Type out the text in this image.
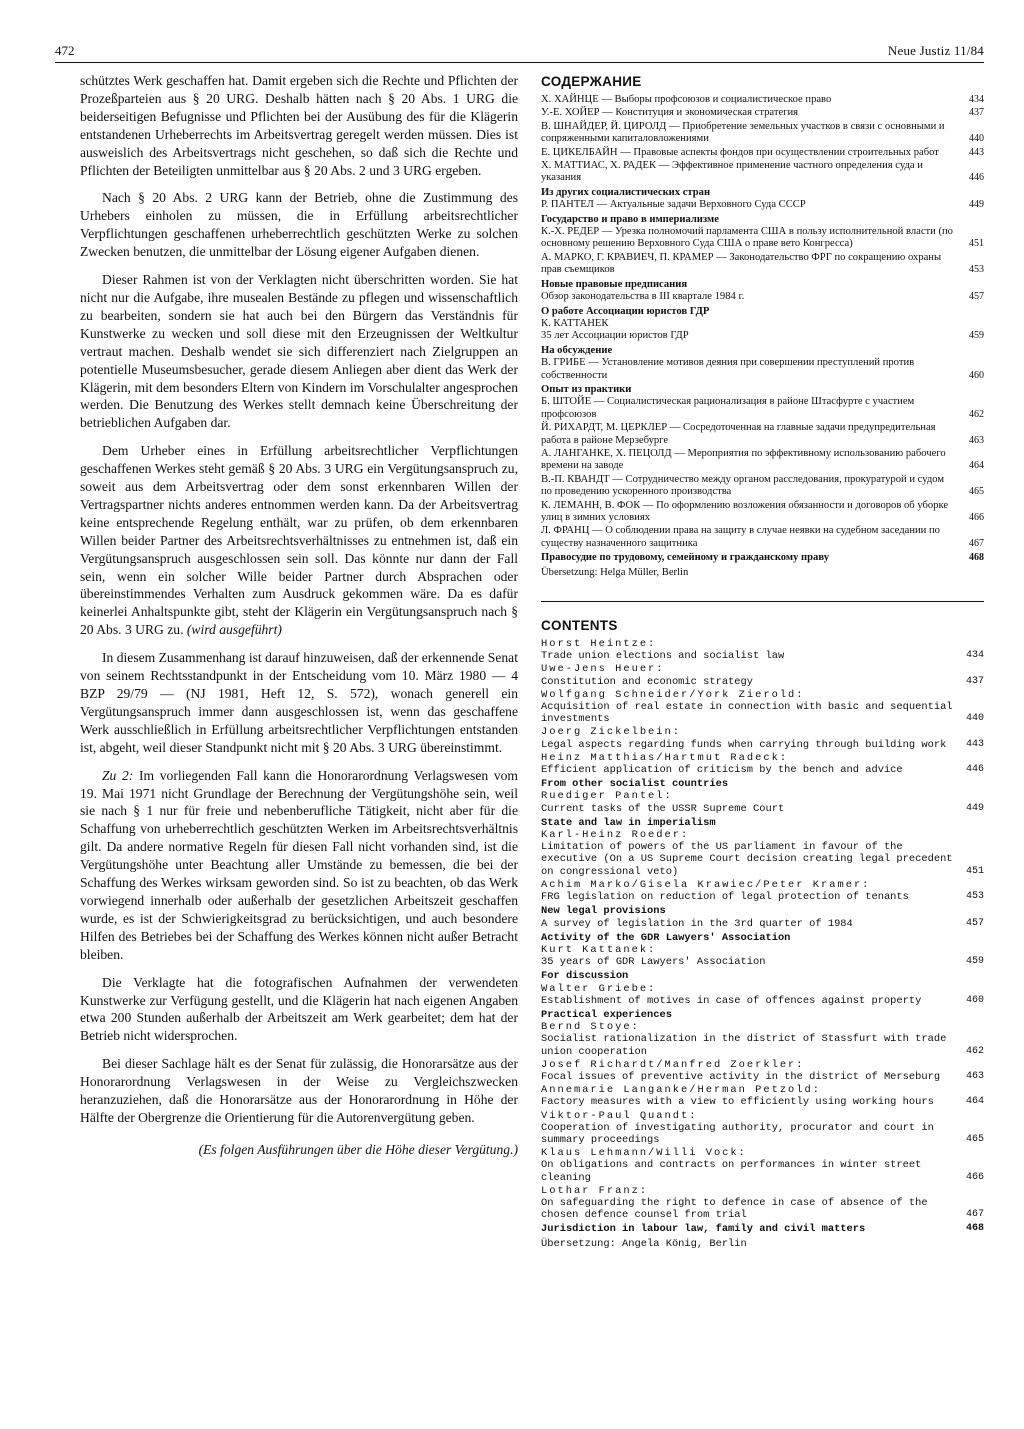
472	Neue Justiz 11/84

schütztes Werk geschaffen hat. Damit ergeben sich die Rechte und Pflichten der Prozeßparteien aus § 20 URG. Deshalb hätten nach § 20 Abs. 1 URG die beiderseitigen Befugnisse und Pflichten bei der Ausübung des für die Klägerin entstandenen Urheberrechts im Arbeitsvertrag geregelt werden müssen. Dies ist ausweislich des Arbeitsvertrags nicht geschehen, so daß sich die Rechte und Pflichten der Beteiligten unmittelbar aus § 20 Abs. 2 und 3 URG ergeben.

Nach § 20 Abs. 2 URG kann der Betrieb, ohne die Zustimmung des Urhebers einholen zu müssen, die in Erfüllung arbeitsrechtlicher Verpflichtungen geschaffenen urheberrechtlich geschützten Werke zu solchen Zwecken benutzen, die unmittelbar der Lösung eigener Aufgaben dienen.

Dieser Rahmen ist von der Verklagten nicht überschritten worden. Sie hat nicht nur die Aufgabe, ihre musealen Bestände zu pflegen und wissenschaftlich zu bearbeiten, sondern sie hat auch bei den Bürgern das Verständnis für Kunstwerke zu wecken und soll diese mit den Erzeugnissen der Weltkultur vertraut machen. Deshalb wendet sie sich differenziert nach Zielgruppen an potentielle Museumsbesucher, gerade diesem Anliegen aber dient das Werk der Klägerin, mit dem besonders Eltern von Kindern im Vorschulalter angesprochen werden. Die Benutzung des Werkes stellt demnach keine Überschreitung der betrieblichen Aufgaben dar.

Dem Urheber eines in Erfüllung arbeitsrechtlicher Verpflichtungen geschaffenen Werkes steht gemäß § 20 Abs. 3 URG ein Vergütungsanspruch zu, soweit aus dem Arbeitsvertrag oder dem sonst erkennbaren Willen der Vertragspartner nichts anderes entnommen werden kann. Da der Arbeitsvertrag keine entsprechende Regelung enthält, war zu prüfen, ob dem erkennbaren Willen beider Partner des Arbeitsrechtsverhältnisses zu entnehmen ist, daß ein Vergütungsanspruch ausgeschlossen sein soll. Das könnte nur dann der Fall sein, wenn ein solcher Wille beider Partner durch Absprachen oder übereinstimmendes Verhalten zum Ausdruck gekommen wäre. Da es dafür keinerlei Anhaltspunkte gibt, steht der Klägerin ein Vergütungsanspruch nach § 20 Abs. 3 URG zu. (wird ausgeführt)

In diesem Zusammenhang ist darauf hinzuweisen, daß der erkennende Senat von seinem Rechtsstandpunkt in der Entscheidung vom 10. März 1980 — 4 BZP 29/79 — (NJ 1981, Heft 12, S. 572), wonach generell ein Vergütungsanspruch immer dann ausgeschlossen ist, wenn das geschaffene Werk ausschließlich in Erfüllung arbeitsrechtlicher Verpflichtungen entstanden ist, abgeht, weil dieser Standpunkt nicht mit § 20 Abs. 3 URG übereinstimmt.

Zu 2: Im vorliegenden Fall kann die Honorarordnung Verlagswesen vom 19. Mai 1971 nicht Grundlage der Berechnung der Vergütungshöhe sein, weil sie nach § 1 nur für freie und nebenberufliche Tätigkeit, nicht aber für die Schaffung von urheberrechtlich geschützten Werken im Arbeitsrechtsverhältnis gilt. Da andere normative Regeln für diesen Fall nicht vorhanden sind, ist die Vergütungshöhe unter Beachtung aller Umstände zu bemessen, die bei der Schaffung des Werkes wirksam geworden sind. So ist zu beachten, ob das Werk vorwiegend innerhalb oder außerhalb der gesetzlichen Arbeitszeit geschaffen wurde, es ist der Schwierigkeitsgrad zu berücksichtigen, und auch besondere Hilfen des Betriebes bei der Schaffung des Werkes können nicht außer Betracht bleiben.

Die Verklagte hat die fotografischen Aufnahmen der verwendeten Kunstwerke zur Verfügung gestellt, und die Klägerin hat nach eigenen Angaben etwa 200 Stunden außerhalb der Arbeitszeit am Werk gearbeitet; dem hat der Betrieb nicht widersprochen.

Bei dieser Sachlage hält es der Senat für zulässig, die Honorarsätze aus der Honorarordnung Verlagswesen in der Weise zu Vergleichszwecken heranzuziehen, daß die Honorarsätze aus der Honorarordnung in Höhe der Hälfte der Obergrenze die Orientierung für die Autorenvergütung geben.

(Es folgen Ausführungen über die Höhe dieser Vergütung.)

СОДЕРЖАНИЕ
Х. ХАЙНЦЕ — Выборы профсоюзов и социалистическое право	434
У.-Е. ХОЙЕР — Конституция и экономическая стратегия	437
В. ШНАЙДЕР, Й. ЦИРОЛД — Приобретение земельных участков в связи с основными и сопряженными капиталовложениями	440
Е. ЦИКЕЛБАЙН — Правовые аспекты фондов при осуществлении строительных работ	443
Х. МАТТИАС, Х. РАДЕК — Эффективное применение частного определения суда и указания	446
Из других социалистических стран
Р. ПАНТЕЛ — Актуальные задачи Верховного Суда СССР	449
Государство и право в империализме
К.-Х. РЕДЕР — Урезка полномочий парламента США в пользу исполнительной власти (по основному решению Верховного Суда США о праве вето Конгресса)	451
А. МАРКО, Г. КРАВИЕЧ, П. КРАМЕР — Законодательство ФРГ по сокращению охраны прав съемщиков	453
Новые правовые предписания
Обзор законодательства в III квартале 1984 г.	457
О работе Ассоциации юристов ГДР
К. КАТТАНЕК
35 лет Ассоциации юристов ГДР	459
На обсуждение
В. ГРИБЕ — Установление мотивов деяния при совершении преступлений против собственности	460
Опыт из практики
Б. ШТОЙЕ — Социалистическая рационализация в районе Штасфурте с участием профсоюзов	462
Й. РИХАРДТ, М. ЦЕРКЛЕР — Сосредоточенная на главные задачи предупредительная работа в районе Мерзебурге	463
А. ЛАНГАНКЕ, Х. ПЕЦОЛД — Мероприятия по эффективному использованию рабочего времени на заводе	464
В.-П. КВАНДТ — Сотрудничество между органом расследования, прокуратурой и судом по проведению ускоренного производства	465
К. ЛЕМАНН, В. ФОК — По оформлению возложения обязанности и договоров об уборке улиц в зимних условиях	466
Л. ФРАНЦ — О соблюдении права на защиту в случае неявки на судебном заседании по существу назначенного защитника	467
Правосудие по трудовому, семейному и гражданскому праву	468
Übersetzung: Helga Müller, Berlin
CONTENTS
Horst Heintze:
Trade union elections and socialist law	434
Uwe-Jens Heuer:
Constitution and economic strategy	437
Wolfgang Schneider/York Zierold:
Acquisition of real estate in connection with basic and sequential investments	440
Joerg Zickelbein:
Legal aspects regarding funds when carrying through building work	443
Heinz Matthias/Hartmut Radeck:
Efficient application of criticism by the bench and advice	446
From other socialist countries
Ruediger Pantel:
Current tasks of the USSR Supreme Court	449
State and law in imperialism
Karl-Heinz Roeder:
Limitation of powers of the US parliament in favour of the executive (On a US Supreme Court decision creating legal precedent on congressional veto)	451
Achim Marko/Gisela Krawiec/Peter Kramer:
FRG legislation on reduction of legal protection of tenants	453
New legal provisions
A survey of legislation in the 3rd quarter of 1984	457
Activity of the GDR Lawyers' Association
Kurt Kattanek:
35 years of GDR Lawyers' Association	459
For discussion
Walter Griebe:
Establishment of motives in case of offences against property	460
Practical experiences
Bernd Stoye:
Socialist rationalization in the district of Stassfurt with trade union cooperation	462
Josef Richardt/Manfred Zoerkler:
Focal issues of preventive activity in the district of Merseburg	463
Annemarie Langanke/Herman Petzold:
Factory measures with a view to efficiently using working hours	464
Viktor-Paul Quandt:
Cooperation of investigating authority, procurator and court in summary proceedings	465
Klaus Lehmann/Willi Vock:
On obligations and contracts on performances in winter street cleaning	466
Lothar Franz:
On safeguarding the right to defence in case of absence of the chosen defence counsel from trial	467
Jurisdiction in labour law, family and civil matters	468
Übersetzung: Angela König, Berlin
